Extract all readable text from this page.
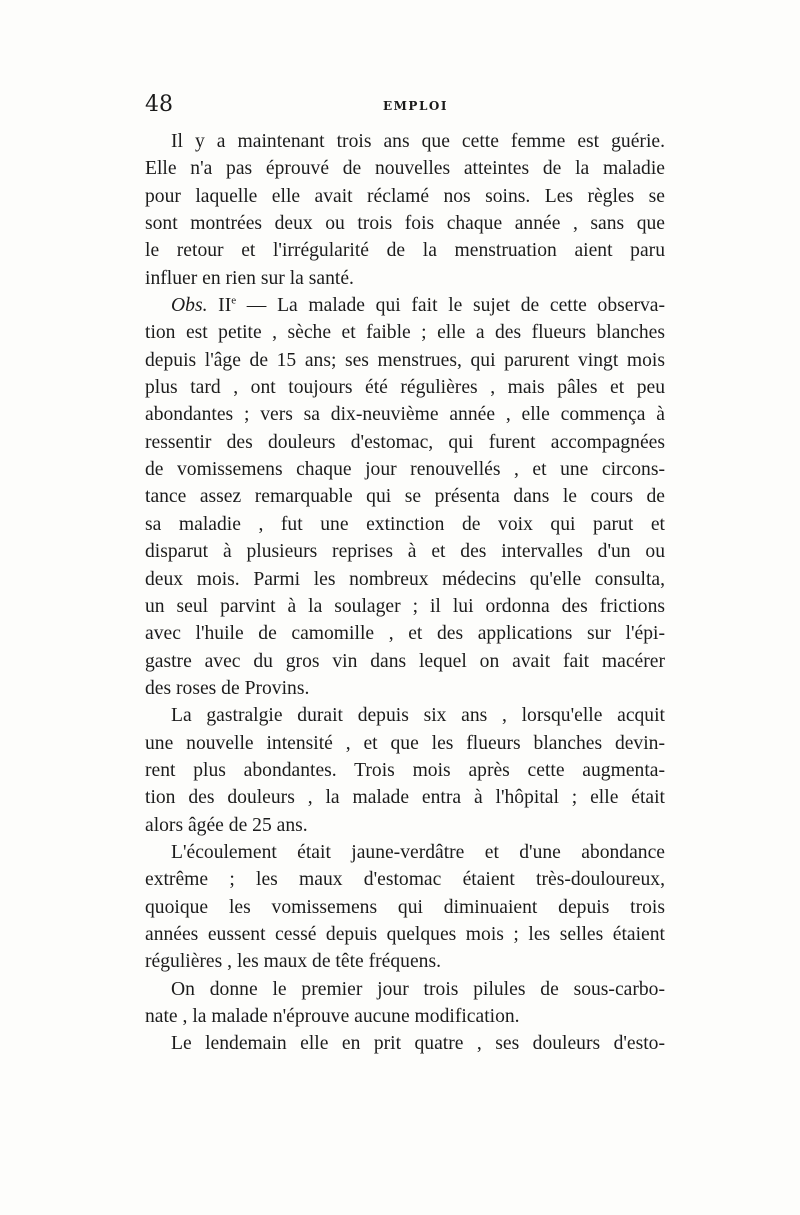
48	EMPLOI
Il y a maintenant trois ans que cette femme est guérie.
Elle n'a pas éprouvé de nouvelles atteintes de la maladie
pour laquelle elle avait réclamé nos soins. Les règles se
sont montrées deux ou trois fois chaque année , sans que
le retour et l'irrégularité de la menstruation aient paru
influer en rien sur la santé.
Obs. IIe — La malade qui fait le sujet de cette observa-
tion est petite , sèche et faible ; elle a des flueurs blanches
depuis l'âge de 15 ans; ses menstrues, qui parurent vingt mois
plus tard , ont toujours été régulières , mais pâles et peu
abondantes ; vers sa dix-neuvième année , elle commença à
ressentir des douleurs d'estomac, qui furent accompagnées
de vomissemens chaque jour renouvellés , et une circons-
tance assez remarquable qui se présenta dans le cours de
sa maladie , fut une extinction de voix qui parut et
disparut à plusieurs reprises à et des intervalles d'un ou
deux mois. Parmi les nombreux médecins qu'elle consulta,
un seul parvint à la soulager ; il lui ordonna des frictions
avec l'huile de camomille , et des applications sur l'épi-
gastre avec du gros vin dans lequel on avait fait macérer
des roses de Provins.
La gastralgie durait depuis six ans , lorsqu'elle acquit
une nouvelle intensité , et que les flueurs blanches devin-
rent plus abondantes. Trois mois après cette augmenta-
tion des douleurs , la malade entra à l'hôpital ; elle était
alors âgée de 25 ans.
L'écoulement était jaune-verdâtre et d'une abondance
extrême ; les maux d'estomac étaient très-douloureux,
quoique les vomissemens qui diminuaient depuis trois
années eussent cessé depuis quelques mois ; les selles étaient
régulières , les maux de tête fréquens.
On donne le premier jour trois pilules de sous-carbo-
nate , la malade n'éprouve aucune modification.
Le lendemain elle en prit quatre , ses douleurs d'esto-
